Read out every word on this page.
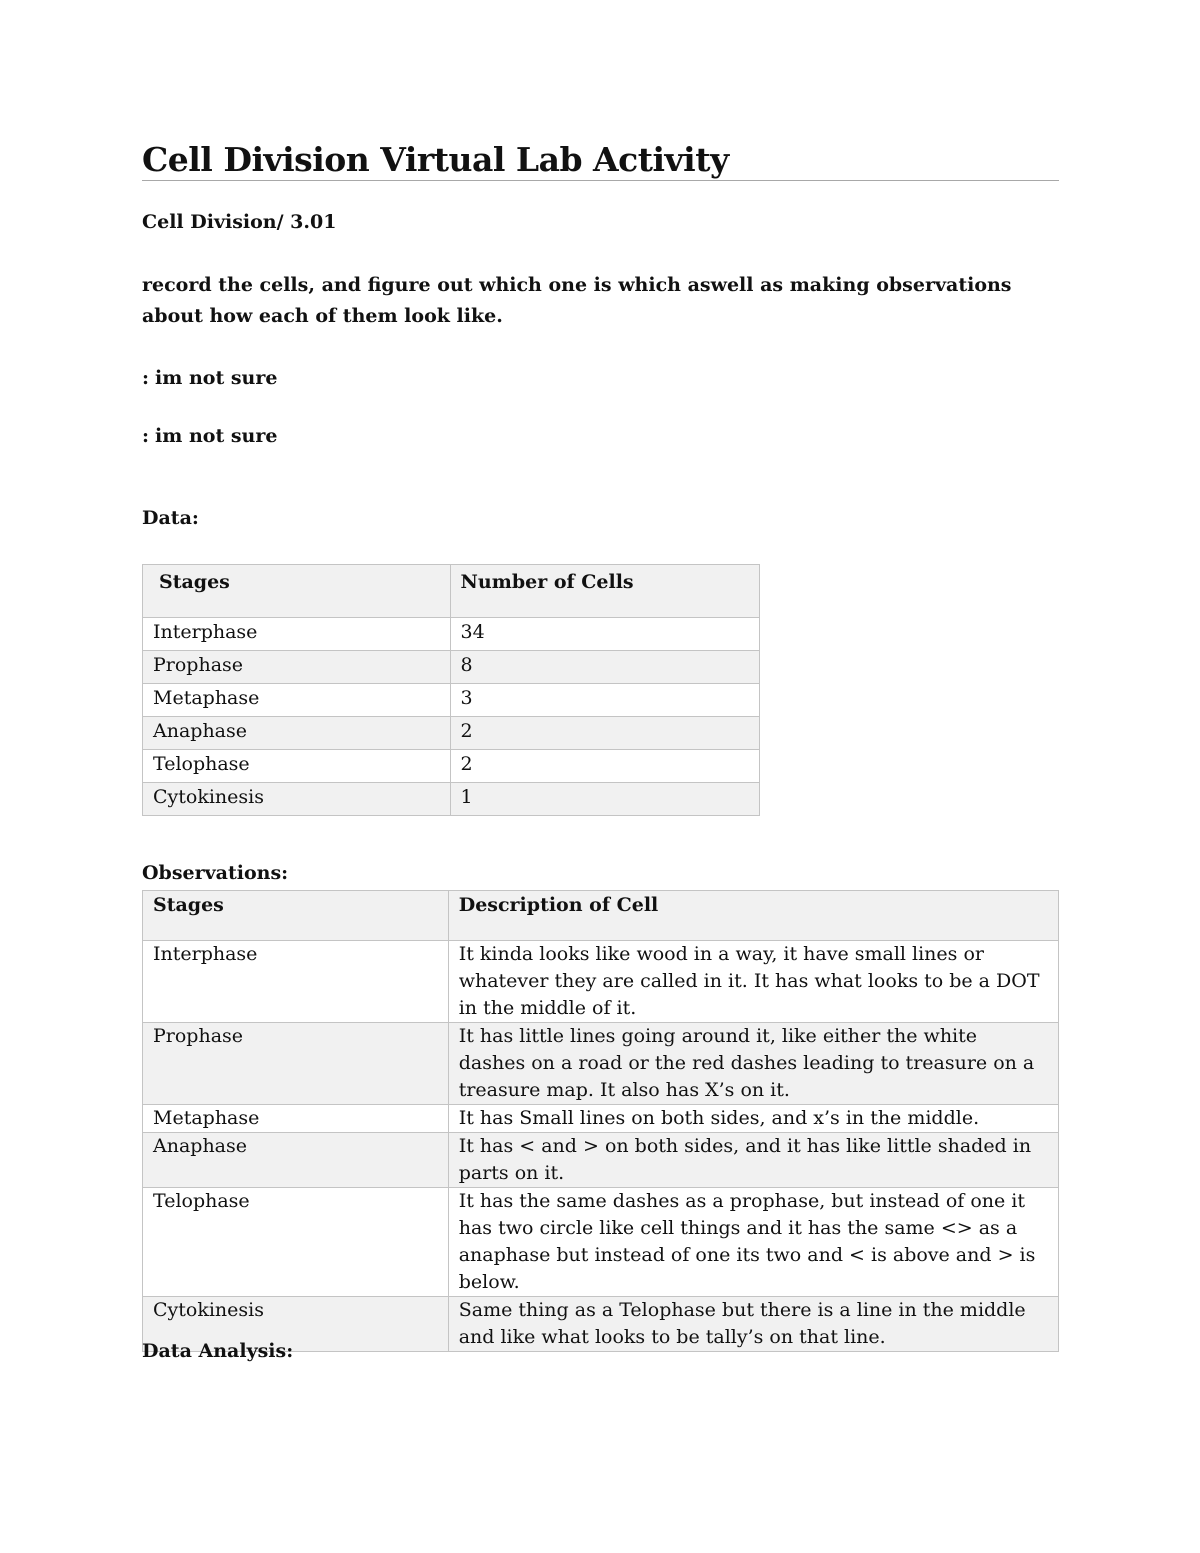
Cell Division Virtual Lab Activity

Cell Division/ 3.01

record the cells, and figure out which one is which aswell as making observations about how each of them look like.

: im not sure

: im not sure

Data:

Stages	Number of Cells
Interphase	34
Prophase	8
Metaphase	3
Anaphase	2
Telophase	2
Cytokinesis	1

Observations:

Stages	Description of Cell
Interphase	It kinda looks like wood in a way, it have small lines or whatever they are called in it. It has what looks to be a DOT in the middle of it.
Prophase	It has little lines going around it, like either the white dashes on a road or the red dashes leading to treasure on a treasure map. It also has X’s on it.
Metaphase	It has Small lines on both sides, and x’s in the middle.
Anaphase	It has < and > on both sides, and it has like little shaded in parts on it.
Telophase	It has the same dashes as a prophase, but instead of one it has two circle like cell things and it has the same <> as a anaphase but instead of one its two and < is above and > is below.
Cytokinesis	Same thing as a Telophase but there is a line in the middle and like what looks to be tally’s on that line.

Data Analysis:
